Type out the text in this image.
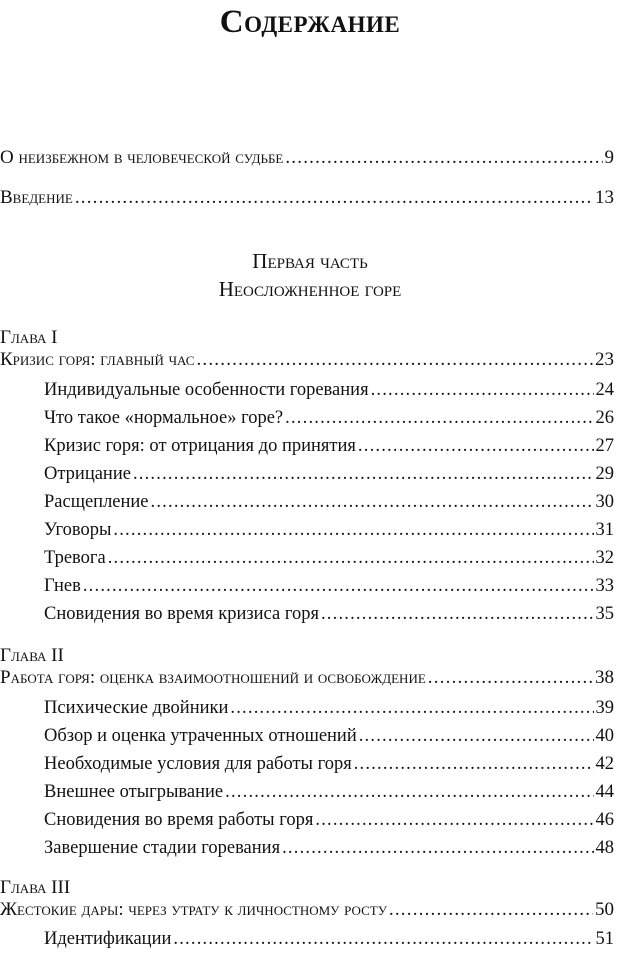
Содержание
О неизбежном в человеческой судьбе .....	9
Введение .....	13
Первая часть
Неосложненное горе
Глава I
Кризис горя: главный час .....	23
Индивидуальные особенности горевания .....	24
Что такое «нормальное» горе? .....	26
Кризис горя: от отрицания до принятия .....	27
Отрицание .....	29
Расщепление .....	30
Уговоры .....	31
Тревога .....	32
Гнев .....	33
Сновидения во время кризиса горя .....	35
Глава II
Работа горя: оценка взаимоотношений и освобождение .....	38
Психические двойники .....	39
Обзор и оценка утраченных отношений .....	40
Необходимые условия для работы горя .....	42
Внешнее отыгрывание .....	44
Сновидения во время работы горя .....	46
Завершение стадии горевания .....	48
Глава III
Жестокие дары: через утрату к личностному росту .....	50
Идентификации .....	51
